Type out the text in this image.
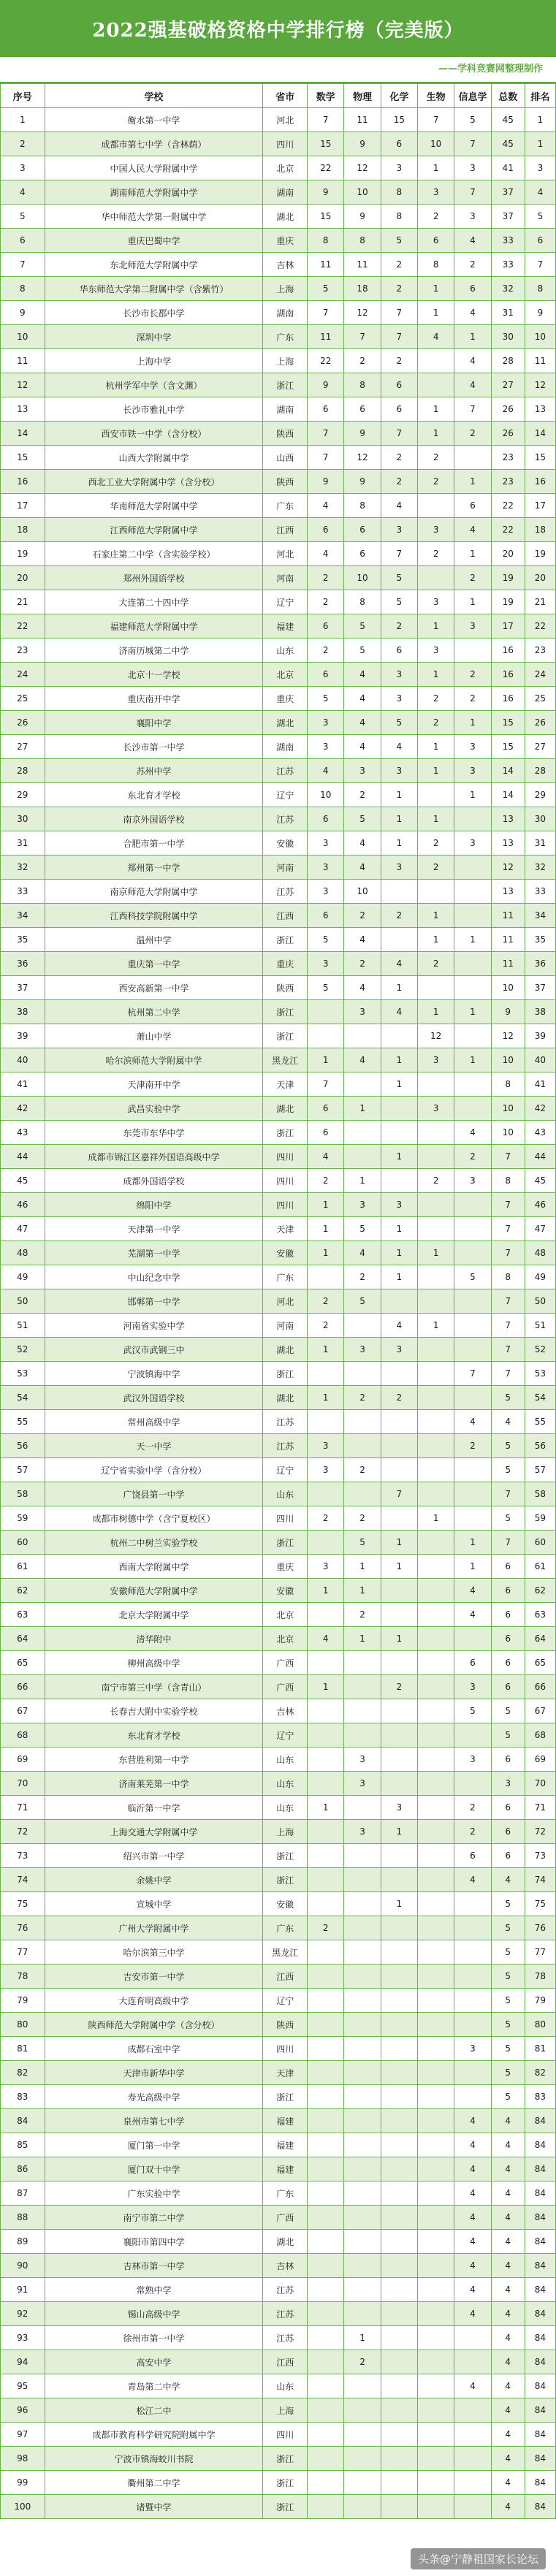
2022强基破格资格中学排行榜（完美版）
——学科竞赛网整理制作
序号	学校	省市	数学	物理	化学	生物	信息学	总数	排名
1	衡水第一中学	河北	7	11	15	7	5	45	1
2	成都市第七中学（含林荫）	四川	15	9	6	10	7	45	1
3	中国人民大学附属中学	北京	22	12	3	1	3	41	3
4	湖南师范大学附属中学	湖南	9	10	8	3	7	37	4
5	华中师范大学第一附属中学	湖北	15	9	8	2	3	37	5
6	重庆巴蜀中学	重庆	8	8	5	6	4	33	6
7	东北师范大学附属中学	吉林	11	11	2	8	2	33	7
8	华东师范大学第二附属中学（含紫竹）	上海	5	18	2	1	6	32	8
9	长沙市长郡中学	湖南	7	12	7	1	4	31	9
10	深圳中学	广东	11	7	7	4	1	30	10
11	上海中学	上海	22	2	2		4	28	11
12	杭州学军中学（含文渊）	浙江	9	8	6		4	27	12
13	长沙市雅礼中学	湖南	6	6	6	1	7	26	13
14	西安市铁一中学（含分校）	陕西	7	9	7	1	2	26	14
15	山西大学附属中学	山西	7	12	2	2		23	15
16	西北工业大学附属中学（含分校）	陕西	9	9	2	2	1	23	16
17	华南师范大学附属中学	广东	4	8	4		6	22	17
18	江西师范大学附属中学	江西	6	6	3	3	4	22	18
19	石家庄第二中学（含实验学校）	河北	4	6	7	2	1	20	19
20	郑州外国语学校	河南	2	10	5		2	19	20
21	大连第二十四中学	辽宁	2	8	5	3	1	19	21
22	福建师范大学附属中学	福建	6	5	2	1	3	17	22
23	济南历城第二中学	山东	2	5	6	3		16	23
24	北京十一学校	北京	6	4	3	1	2	16	24
25	重庆南开中学	重庆	5	4	3	2	2	16	25
26	襄阳中学	湖北	3	4	5	2	1	15	26
27	长沙市第一中学	湖南	3	4	4	1	3	15	27
28	苏州中学	江苏	4	3	3	1	3	14	28
29	东北育才学校	辽宁	10	2	1		1	14	29
30	南京外国语学校	江苏	6	5	1	1		13	30
31	合肥市第一中学	安徽	3	4	1	2	3	13	31
32	郑州第一中学	河南	3	4	3	2		12	32
33	南京师范大学附属中学	江苏	3	10				13	33
34	江西科技学院附属中学	江西	6	2	2	1		11	34
35	温州中学	浙江	5	4		1	1	11	35
36	重庆第一中学	重庆	3	2	4	2		11	36
37	西安高新第一中学	陕西	5	4	1			10	37
38	杭州第二中学	浙江		3	4	1	1	9	38
39	萧山中学	浙江				12		12	39
40	哈尔滨师范大学附属中学	黑龙江	1	4	1	3	1	10	40
41	天津南开中学	天津	7		1			8	41
42	武昌实验中学	湖北	6	1		3		10	42
43	东莞市东华中学	浙江	6				4	10	43
44	成都市锦江区嘉祥外国语高级中学	四川	4		1		2	7	44
45	成都外国语学校	四川	2	1		2	3	8	45
46	绵阳中学	四川	1	3	3			7	46
47	天津第一中学	天津	1	5	1			7	47
48	芜湖第一中学	安徽	1	4	1	1		7	48
49	中山纪念中学	广东		2	1		5	8	49
50	邯郸第一中学	河北	2	5				7	50
51	河南省实验中学	河南	2		4	1		7	51
52	武汉市武钢三中	湖北	1	3	3			7	52
53	宁波镇海中学	浙江					7	7	53
54	武汉外国语学校	湖北	1	2	2			5	54
55	常州高级中学	江苏					4	4	55
56	天一中学	江苏	3				2	5	56
57	辽宁省实验中学（含分校）	辽宁	3	2				5	57
58	广饶县第一中学	山东			7			7	58
59	成都市树德中学（含宁夏校区）	四川	2	2		1		5	59
60	杭州二中树兰实验学校	浙江		5	1		1	7	60
61	西南大学附属中学	重庆	3	1	1		1	6	61
62	安徽师范大学附属中学	安徽	1	1			4	6	62
63	北京大学附属中学	北京		2			4	6	63
64	清华附中	北京	4	1	1			6	64
65	柳州高级中学	广西					6	6	65
66	南宁市第三中学（含青山）	广西	1		2		3	6	66
67	长春吉大附中实验学校	吉林					5	5	67
68	东北育才学校	辽宁						5	68
69	东营胜利第一中学	山东		3			3	6	69
70	济南莱芜第一中学	山东		3				3	70
71	临沂第一中学	山东	1		3		2	6	71
72	上海交通大学附属中学	上海		3	1		2	6	72
73	绍兴市第一中学	浙江					6	6	73
74	余姚中学	浙江					4	4	74
75	宣城中学	安徽			1			5	75
76	广州大学附属中学	广东	2					5	76
77	哈尔滨第三中学	黑龙江						5	77
78	吉安市第一中学	江西						5	78
79	大连育明高级中学	辽宁						5	79
80	陕西师范大学附属中学（含分校）	陕西						5	80
81	成都石室中学	四川					3	5	81
82	天津市新华中学	天津						5	82
83	寿光高级中学	浙江						5	83
84	泉州市第七中学	福建					4	4	84
85	厦门第一中学	福建					4	4	84
86	厦门双十中学	福建					4	4	84
87	广东实验中学	广东					4	4	84
88	南宁市第二中学	广西					4	4	84
89	襄阳市第四中学	湖北					4	4	84
90	吉林市第一中学	吉林					4	4	84
91	常熟中学	江苏					4	4	84
92	锡山高级中学	江苏					4	4	84
93	徐州市第一中学	江苏		1				4	84
94	高安中学	江西		2				4	84
95	青岛第二中学	山东					4	4	84
96	松江二中	上海						4	84
97	成都市教育科学研究院附属中学	四川						4	84
98	宁波市镇海蛟川书院	浙江						4	84
99	衢州第二中学	浙江						4	84
100	诸暨中学	浙江						4	84
头条@宁静祖国家长论坛
